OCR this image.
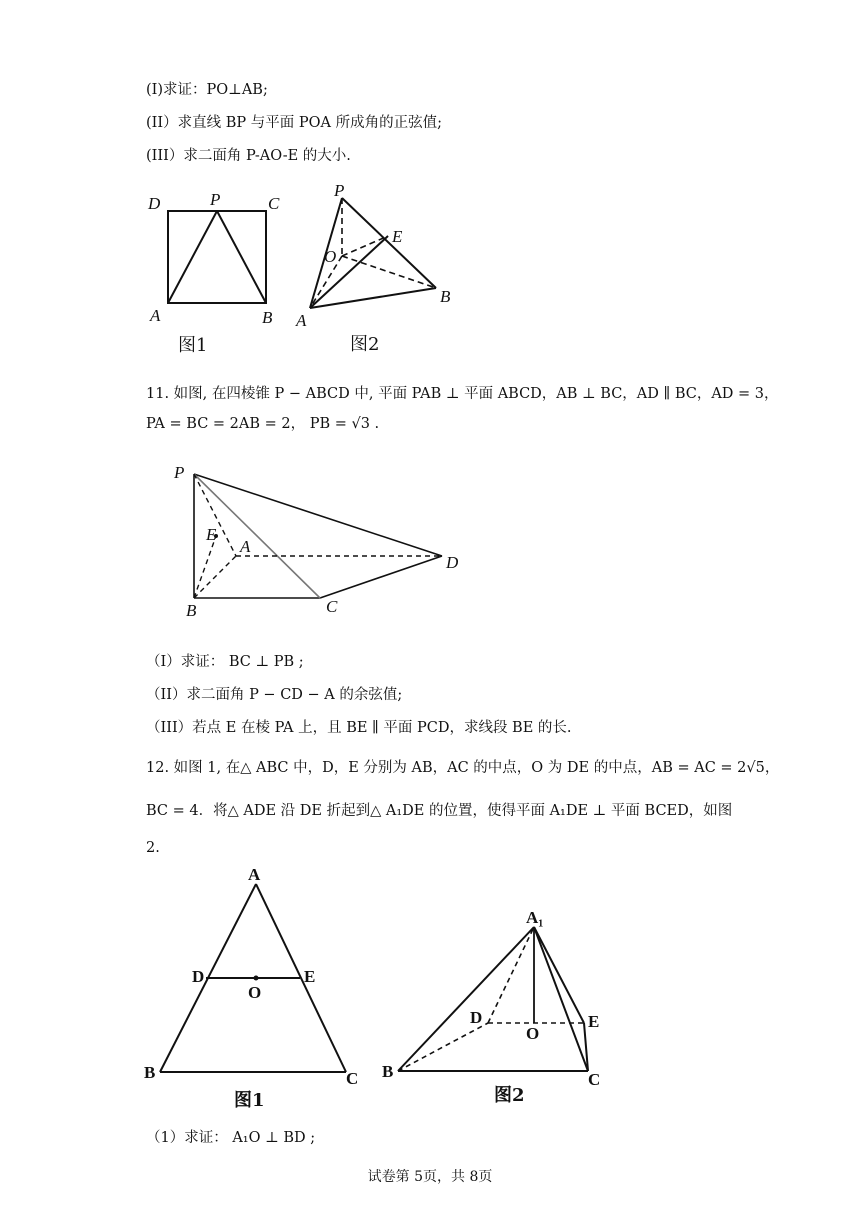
(I)求证：PO⊥AB;
(II）求直线 BP 与平面 POA 所成角的正弦值;
(III）求二面角 P-AO-E 的大小.
D	P	C
A	B
图1
P
E
O
B
A
图2
11. 如图, 在四棱锥 P − ABCD 中, 平面 PAB ⊥ 平面 ABCD，AB ⊥ BC，AD ∥ BC，AD = 3，
PA = BC = 2AB = 2， PB = √3 .
P
E
A
D
B	C
（I）求证： BC ⊥ PB ;
（II）求二面角 P − CD − A 的余弦值;
（III）若点 E 在棱 PA 上，且 BE ∥ 平面 PCD，求线段 BE 的长.
12. 如图 1, 在△ ABC 中，D，E 分别为 AB，AC 的中点，O 为 DE 的中点，AB = AC = 2√5，
BC = 4．将△ ADE 沿 DE 折起到△ A₁DE 的位置，使得平面 A₁DE ⊥ 平面 BCED，如图
2.
A
D
O
E
B	C
图1
A₁
D
O
E
B	C
图2
（1）求证： A₁O ⊥ BD ;
试卷第 5页，共 8页
